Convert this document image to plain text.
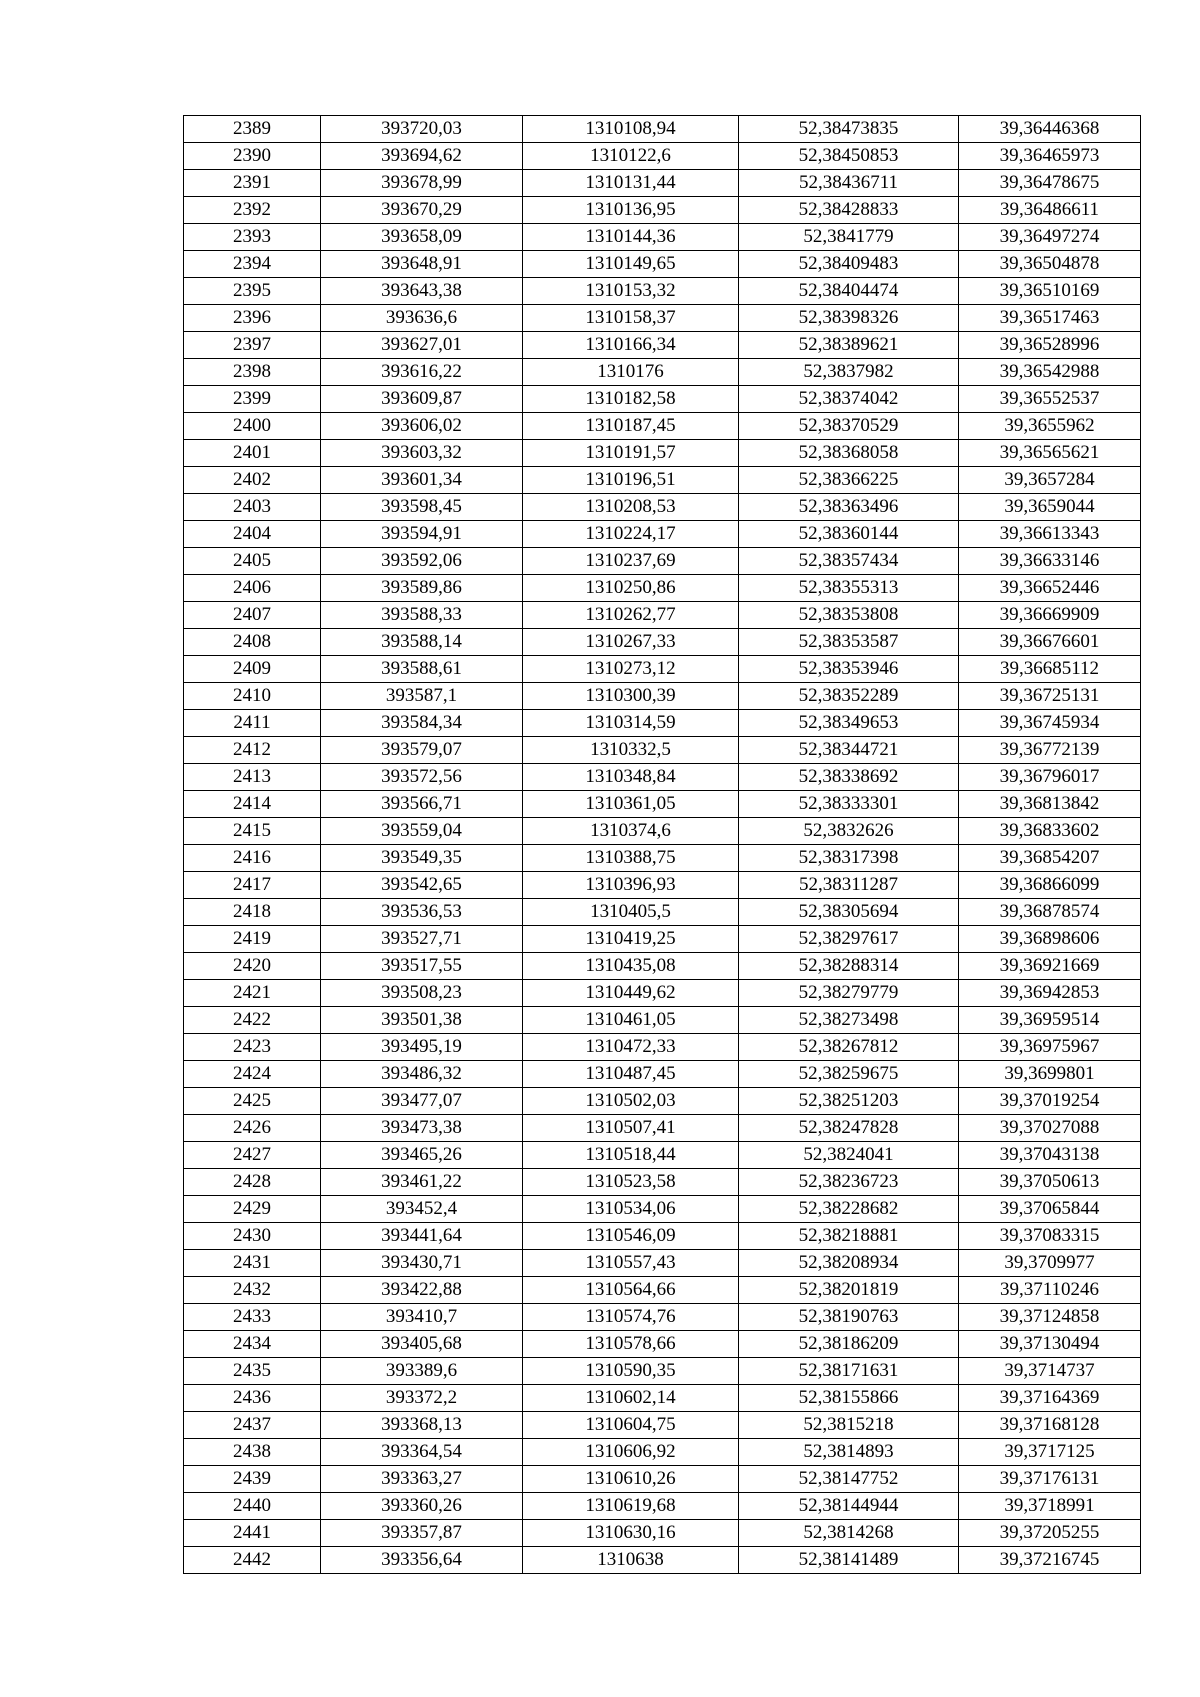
2389	393720,03	1310108,94	52,38473835	39,36446368
2390	393694,62	1310122,6	52,38450853	39,36465973
2391	393678,99	1310131,44	52,38436711	39,36478675
2392	393670,29	1310136,95	52,38428833	39,36486611
2393	393658,09	1310144,36	52,3841779	39,36497274
2394	393648,91	1310149,65	52,38409483	39,36504878
2395	393643,38	1310153,32	52,38404474	39,36510169
2396	393636,6	1310158,37	52,38398326	39,36517463
2397	393627,01	1310166,34	52,38389621	39,36528996
2398	393616,22	1310176	52,3837982	39,36542988
2399	393609,87	1310182,58	52,38374042	39,36552537
2400	393606,02	1310187,45	52,38370529	39,3655962
2401	393603,32	1310191,57	52,38368058	39,36565621
2402	393601,34	1310196,51	52,38366225	39,3657284
2403	393598,45	1310208,53	52,38363496	39,3659044
2404	393594,91	1310224,17	52,38360144	39,36613343
2405	393592,06	1310237,69	52,38357434	39,36633146
2406	393589,86	1310250,86	52,38355313	39,36652446
2407	393588,33	1310262,77	52,38353808	39,36669909
2408	393588,14	1310267,33	52,38353587	39,36676601
2409	393588,61	1310273,12	52,38353946	39,36685112
2410	393587,1	1310300,39	52,38352289	39,36725131
2411	393584,34	1310314,59	52,38349653	39,36745934
2412	393579,07	1310332,5	52,38344721	39,36772139
2413	393572,56	1310348,84	52,38338692	39,36796017
2414	393566,71	1310361,05	52,38333301	39,36813842
2415	393559,04	1310374,6	52,3832626	39,36833602
2416	393549,35	1310388,75	52,38317398	39,36854207
2417	393542,65	1310396,93	52,38311287	39,36866099
2418	393536,53	1310405,5	52,38305694	39,36878574
2419	393527,71	1310419,25	52,38297617	39,36898606
2420	393517,55	1310435,08	52,38288314	39,36921669
2421	393508,23	1310449,62	52,38279779	39,36942853
2422	393501,38	1310461,05	52,38273498	39,36959514
2423	393495,19	1310472,33	52,38267812	39,36975967
2424	393486,32	1310487,45	52,38259675	39,3699801
2425	393477,07	1310502,03	52,38251203	39,37019254
2426	393473,38	1310507,41	52,38247828	39,37027088
2427	393465,26	1310518,44	52,3824041	39,37043138
2428	393461,22	1310523,58	52,38236723	39,37050613
2429	393452,4	1310534,06	52,38228682	39,37065844
2430	393441,64	1310546,09	52,38218881	39,37083315
2431	393430,71	1310557,43	52,38208934	39,3709977
2432	393422,88	1310564,66	52,38201819	39,37110246
2433	393410,7	1310574,76	52,38190763	39,37124858
2434	393405,68	1310578,66	52,38186209	39,37130494
2435	393389,6	1310590,35	52,38171631	39,3714737
2436	393372,2	1310602,14	52,38155866	39,37164369
2437	393368,13	1310604,75	52,3815218	39,37168128
2438	393364,54	1310606,92	52,3814893	39,3717125
2439	393363,27	1310610,26	52,38147752	39,37176131
2440	393360,26	1310619,68	52,38144944	39,3718991
2441	393357,87	1310630,16	52,3814268	39,37205255
2442	393356,64	1310638	52,38141489	39,37216745
